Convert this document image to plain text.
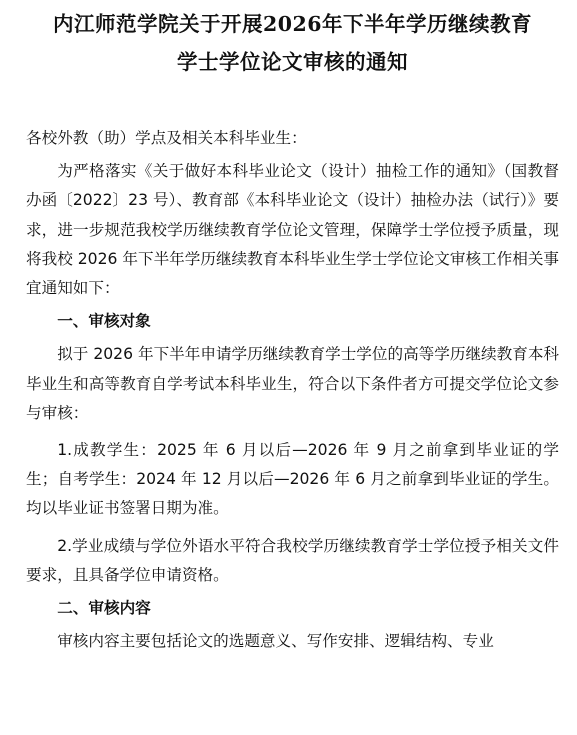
内江师范学院关于开展2026年下半年学历继续教育
学士学位论文审核的通知

各校外教（助）学点及相关本科毕业生：

为严格落实《关于做好本科毕业论文（设计）抽检工作的通知》（国教督办函〔2022〕23 号）、教育部《本科毕业论文（设计）抽检办法（试行）》要求，进一步规范我校学历继续教育学位论文管理，保障学士学位授予质量，现将我校 2026 年下半年学历继续教育本科毕业生学士学位论文审核工作相关事宜通知如下：

一、审核对象

拟于 2026 年下半年申请学历继续教育学士学位的高等学历继续教育本科毕业生和高等教育自学考试本科毕业生，符合以下条件者方可提交学位论文参与审核：

1.成教学生：2025 年 6 月以后—2026 年 9 月之前拿到毕业证的学生；自考学生：2024 年 12 月以后—2026 年 6 月之前拿到毕业证的学生。均以毕业证书签署日期为准。

2.学业成绩与学位外语水平符合我校学历继续教育学士学位授予相关文件要求，且具备学位申请资格。

二、审核内容

审核内容主要包括论文的选题意义、写作安排、逻辑结构、专业
